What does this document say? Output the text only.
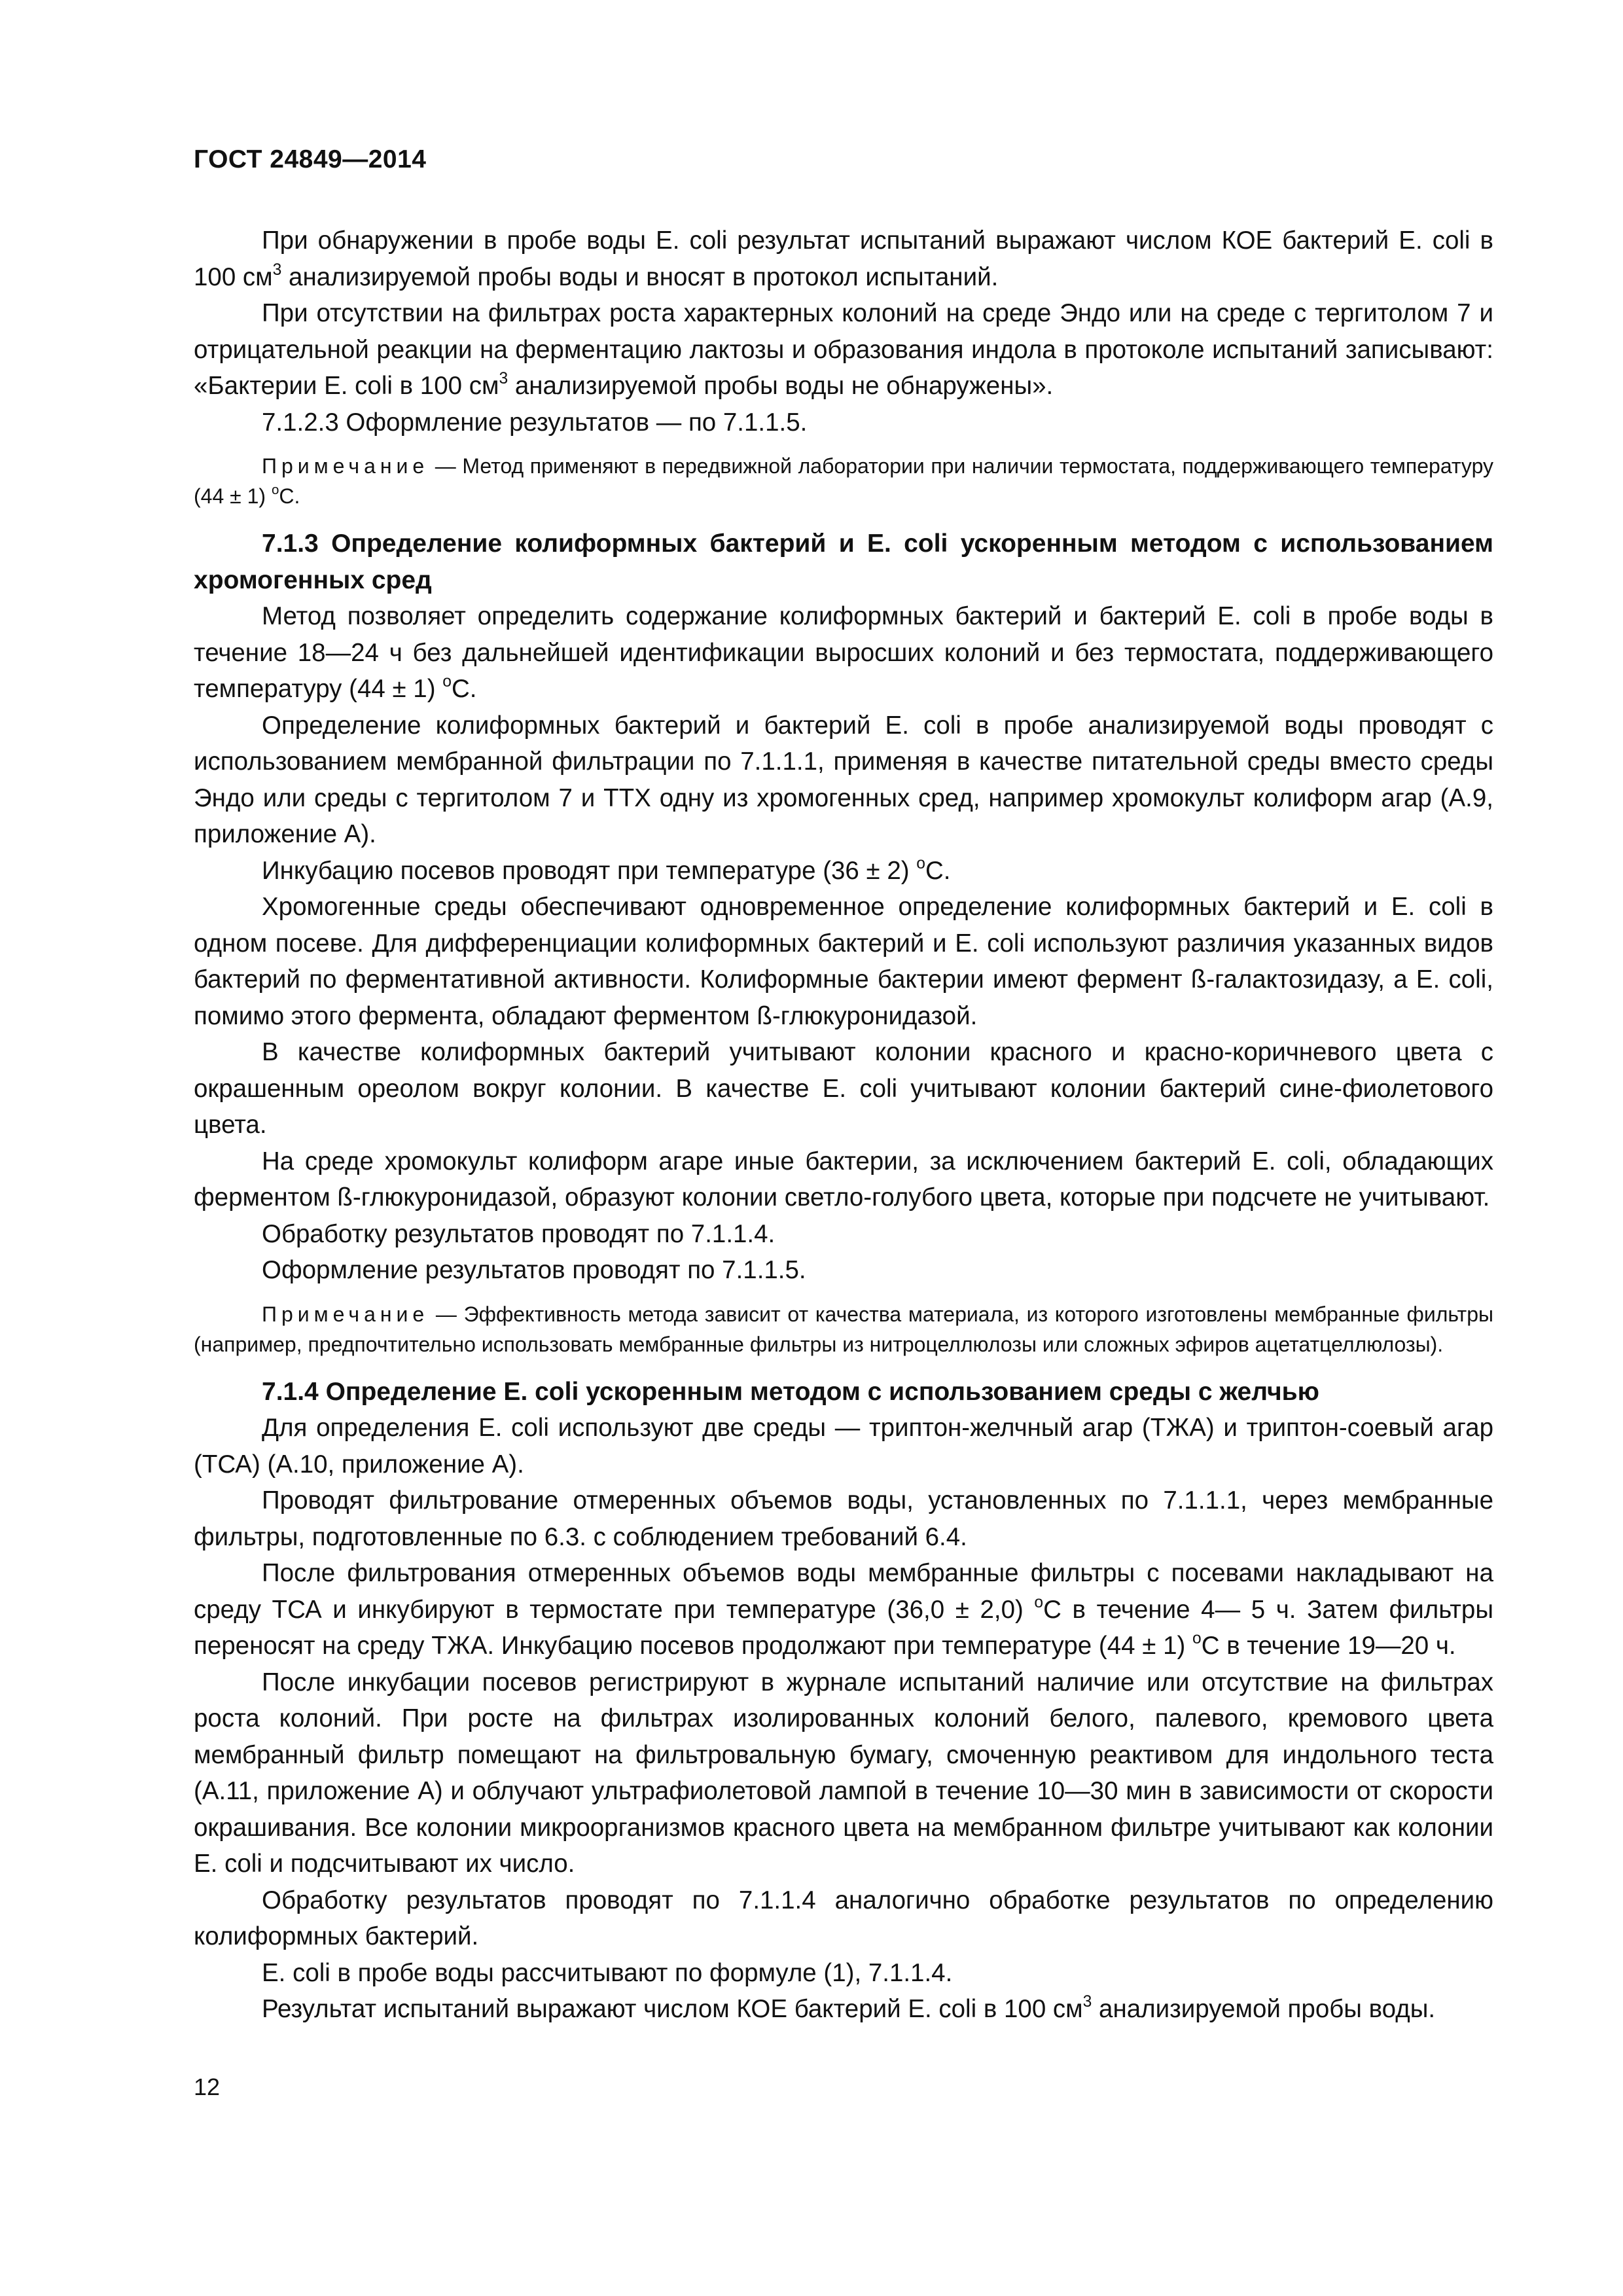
ГОСТ 24849—2014

При обнаружении в пробе воды E. coli результат испытаний выражают числом КОЕ бактерий E. coli в 100 $см^3$ анализируемой пробы воды и вносят в протокол испытаний.

При отсутствии на фильтрах роста характерных колоний на среде Эндо или на среде с тергитолом 7 и отрицательной реакции на ферментацию лактозы и образования индола в протоколе испытаний записывают: «Бактерии E. coli в 100 $см^3$ анализируемой пробы воды не обнаружены».

7.1.2.3 Оформление результатов — по 7.1.1.5.

Примечание — Метод применяют в передвижной лаборатории при наличии термостата, поддерживающего температуру (44 ± 1) $^о$С.

7.1.3 Определение колиформных бактерий и E. coli ускоренным методом с использованием хромогенных сред

Метод позволяет определить содержание колиформных бактерий и бактерий E. coli в пробе воды в течение 18—24 ч без дальнейшей идентификации выросших колоний и без термостата, поддерживающего температуру (44 ± 1) $^о$С.

Определение колиформных бактерий и бактерий E. coli в пробе анализируемой воды проводят с использованием мембранной фильтрации по 7.1.1.1, применяя в качестве питательной среды вместо среды Эндо или среды с тергитолом 7 и ТТХ одну из хромогенных сред, например хромокульт колиформ агар (А.9, приложение А).

Инкубацию посевов проводят при температуре (36 ± 2) $^о$С.

Хромогенные среды обеспечивают одновременное определение колиформных бактерий и E. coli в одном посеве. Для дифференциации колиформных бактерий и E. coli используют различия указанных видов бактерий по ферментативной активности. Колиформные бактерии имеют фермент ß-галактозидазу, а E. coli, помимо этого фермента, обладают ферментом ß-глюкуронидазой.

В качестве колиформных бактерий учитывают колонии красного и красно-коричневого цвета с окрашенным ореолом вокруг колонии. В качестве E. coli учитывают колонии бактерий сине-фиолетового цвета.

На среде хромокульт колиформ агаре иные бактерии, за исключением бактерий E. coli, обладающих ферментом ß-глюкуронидазой, образуют колонии светло-голубого цвета, которые при подсчете не учитывают.

Обработку результатов проводят по 7.1.1.4.

Оформление результатов проводят по 7.1.1.5.

Примечание — Эффективность метода зависит от качества материала, из которого изготовлены мембранные фильтры (например, предпочтительно использовать мембранные фильтры из нитроцеллюлозы или сложных эфиров ацетатцеллюлозы).

7.1.4 Определение E. coli ускоренным методом с использованием среды с желчью

Для определения E. coli используют две среды — триптон-желчный агар (ТЖА) и триптон-соевый агар (ТСА) (А.10, приложение А).

Проводят фильтрование отмеренных объемов воды, установленных по 7.1.1.1, через мембранные фильтры, подготовленные по 6.3. с соблюдением требований 6.4.

После фильтрования отмеренных объемов воды мембранные фильтры с посевами накладывают на среду ТСА и инкубируют в термостате при температуре (36,0 ± 2,0) $^о$С в течение 4— 5 ч. Затем фильтры переносят на среду ТЖА. Инкубацию посевов продолжают при температуре (44 ± 1) $^о$С в течение 19—20 ч.

После инкубации посевов регистрируют в журнале испытаний наличие или отсутствие на фильтрах роста колоний. При росте на фильтрах изолированных колоний белого, палевого, кремового цвета мембранный фильтр помещают на фильтровальную бумагу, смоченную реактивом для индольного теста (А.11, приложение А) и облучают ультрафиолетовой лампой в течение 10—30 мин в зависимости от скорости окрашивания. Все колонии микроорганизмов красного цвета на мембранном фильтре учитывают как колонии E. coli и подсчитывают их число.

Обработку результатов проводят по 7.1.1.4 аналогично обработке результатов по определению колиформных бактерий.

E. coli в пробе воды рассчитывают по формуле (1), 7.1.1.4.

Результат испытаний выражают числом КОЕ бактерий E. coli в 100 $см^3$ анализируемой пробы воды.

12
